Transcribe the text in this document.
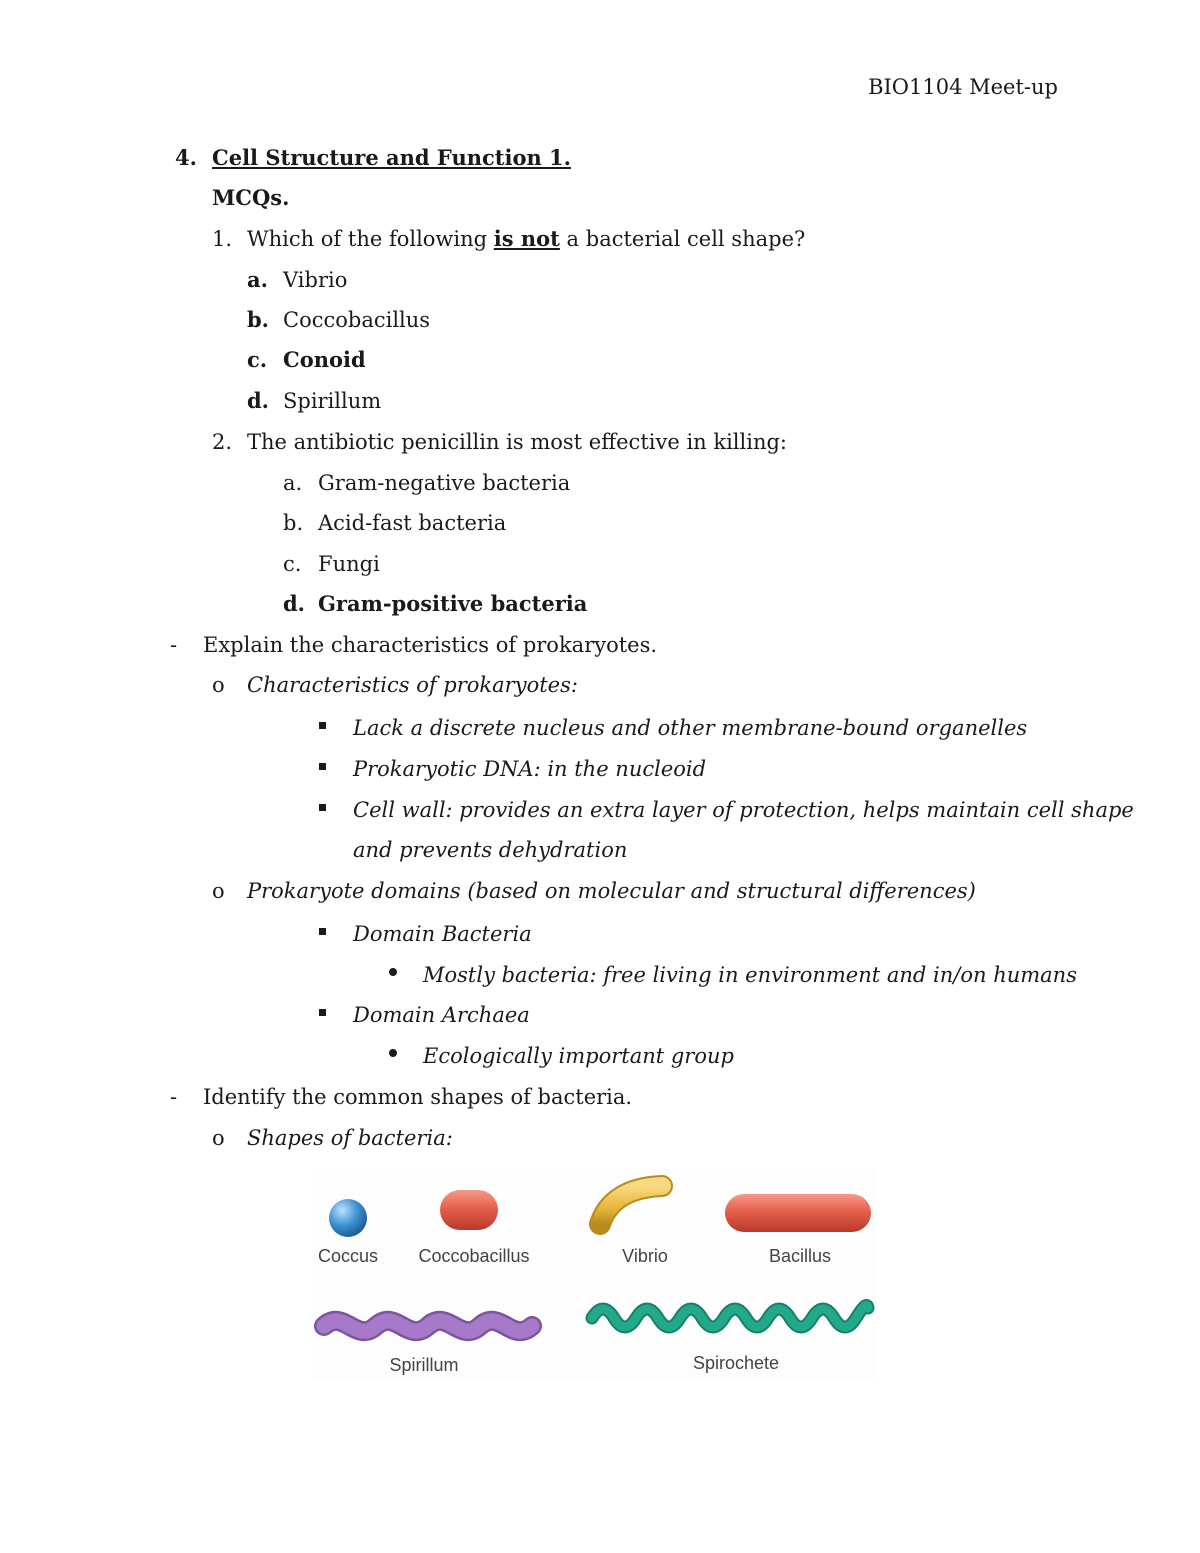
BIO1104 Meet-up
4. Cell Structure and Function 1.
MCQs.
1. Which of the following is not a bacterial cell shape?
a. Vibrio
b. Coccobacillus
c. Conoid
d. Spirillum
2. The antibiotic penicillin is most effective in killing:
a. Gram-negative bacteria
b. Acid-fast bacteria
c. Fungi
d. Gram-positive bacteria
- Explain the characteristics of prokaryotes.
o Characteristics of prokaryotes:
Lack a discrete nucleus and other membrane-bound organelles
Prokaryotic DNA: in the nucleoid
Cell wall: provides an extra layer of protection, helps maintain cell shape
and prevents dehydration
o Prokaryote domains (based on molecular and structural differences)
Domain Bacteria
Mostly bacteria: free living in environment and in/on humans
Domain Archaea
Ecologically important group
- Identify the common shapes of bacteria.
o Shapes of bacteria:
Coccus Coccobacillus	Vibrio	Bacillus
Spirillum	Spirochete
